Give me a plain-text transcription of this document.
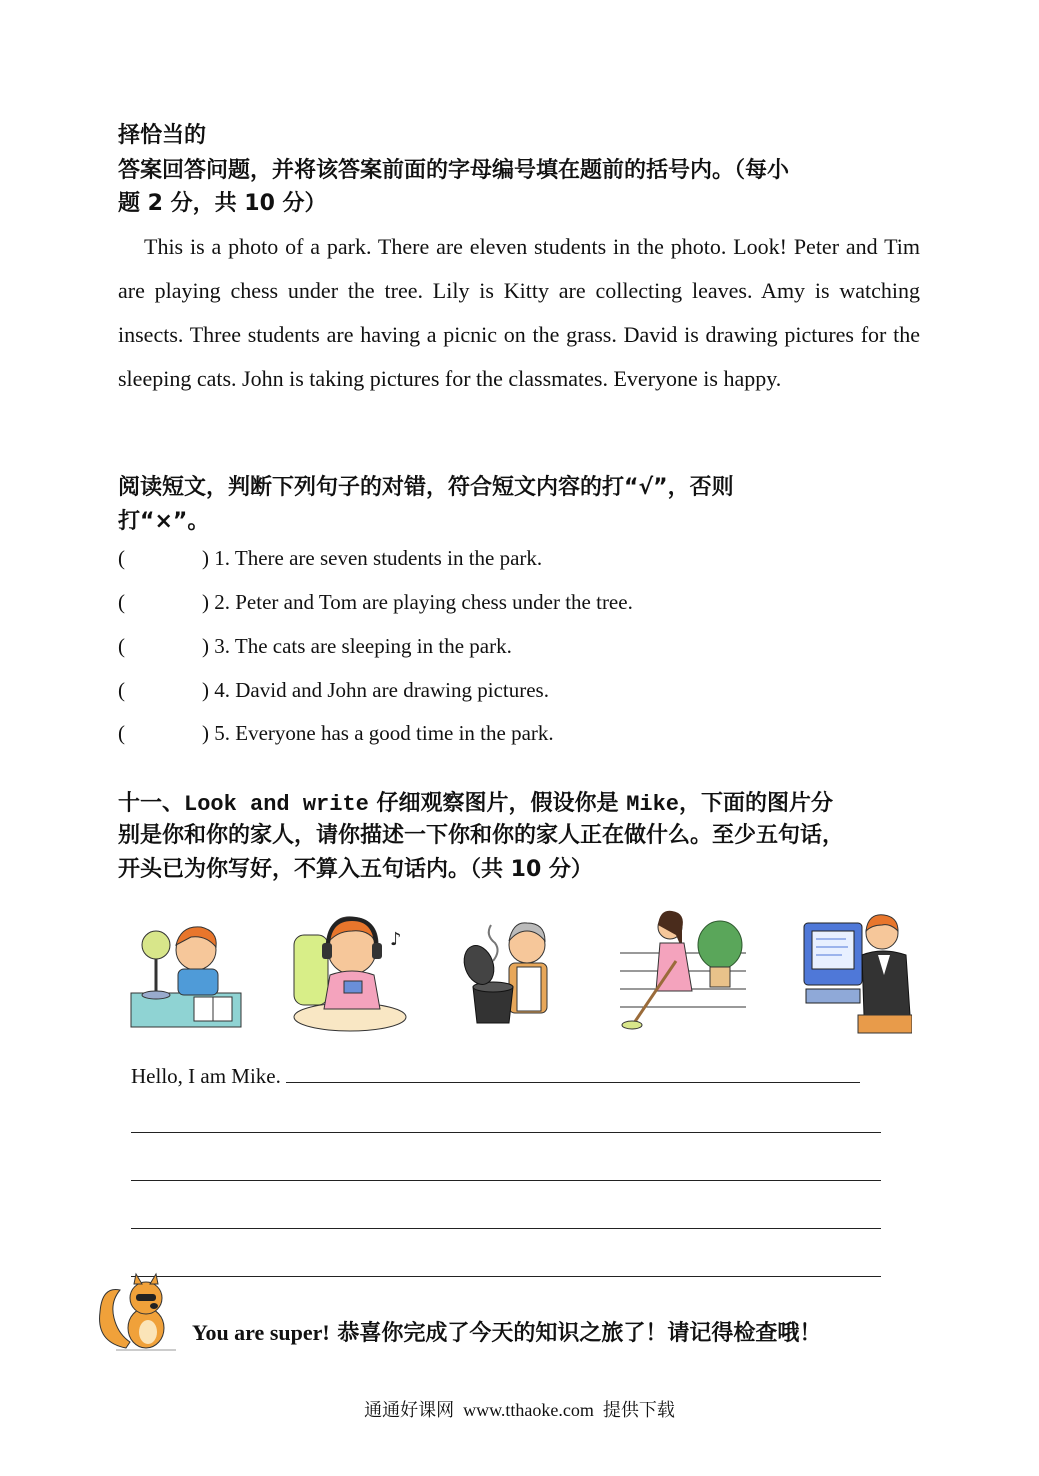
择恰当的
答案回答问题，并将该答案前面的字母编号填在题前的括号内。（每小
题 2 分，共 10 分）

This is a photo of a park. There are eleven students in the photo. Look! Peter and Tim are playing chess under the tree. Lily is Kitty are collecting leaves. Amy is watching insects. Three students are having a picnic on the grass. David is drawing pictures for the sleeping cats. John is taking pictures for the classmates. Everyone is happy.

阅读短文，判断下列句子的对错，符合短文内容的打“√”，否则
打“×”。
(	) 1. There are seven students in the park.
(	) 2. Peter and Tom are playing chess under the tree.
(	) 3. The cats are sleeping in the park.
(	) 4. David and John are drawing pictures.
(	) 5. Everyone has a good time in the park.
十一、Look and write 仔细观察图片，假设你是 Mike，下面的图片分
别是你和你的家人，请你描述一下你和你的家人正在做什么。至少五句话，
开头已为你写好，不算入五句话内。（共 10 分）
♪
Hello, I am Mike.
You are super! 恭喜你完成了今天的知识之旅了！请记得检查哦！
通通好课网 www.tthaoke.com 提供下载
